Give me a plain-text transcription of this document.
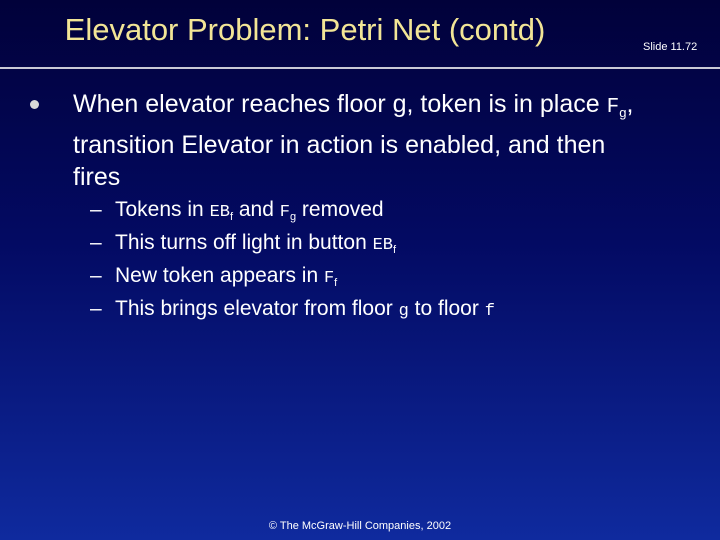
Elevator Problem: Petri Net (contd)	Slide 11.72
When elevator reaches floor g, token is in place $F_g$,
transition Elevator in action is enabled, and then
fires
– Tokens in EBf and Fg removed
– This turns off light in button EBf
– New token appears in Ff
– This brings elevator from floor g to floor f
© The McGraw-Hill Companies, 2002
